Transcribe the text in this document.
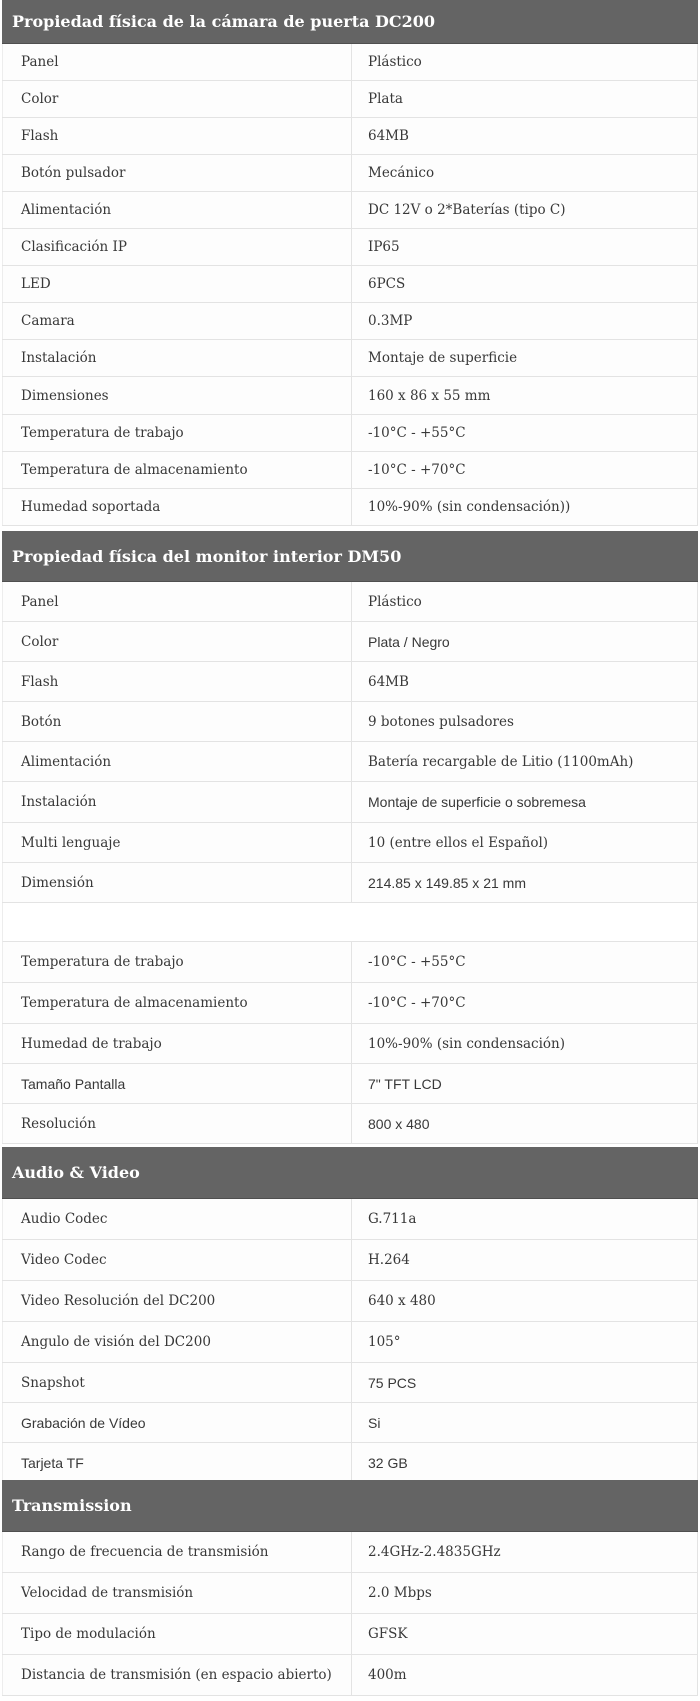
Propiedad física de la cámara de puerta DC200
Panel	Plástico
Color	Plata
Flash	64MB
Botón pulsador	Mecánico
Alimentación	DC 12V o 2*Baterías (tipo C)
Clasificación IP	IP65
LED	6PCS
Camara	0.3MP
Instalación	Montaje de superficie
Dimensiones	160 x 86 x 55 mm
Temperatura de trabajo	-10°C - +55°C
Temperatura de almacenamiento	-10°C - +70°C
Humedad soportada	10%-90% (sin condensación))
Propiedad física del monitor interior DM50
Panel	Plástico
Color	Plata / Negro
Flash	64MB
Botón	9 botones pulsadores
Alimentación	Batería recargable de Litio (1100mAh)
Instalación	Montaje de superficie o sobremesa
Multi lenguaje	10 (entre ellos el Español)
Dimensión	214.85 x 149.85 x 21 mm
Temperatura de trabajo	-10°C - +55°C
Temperatura de almacenamiento	-10°C - +70°C
Humedad de trabajo	10%-90% (sin condensación)
Tamaño Pantalla	7" TFT LCD
Resolución	800 x 480
Audio & Video
Audio Codec	G.711a
Video Codec	H.264
Video Resolución del DC200	640 x 480
Angulo de visión del DC200	105°
Snapshot	75 PCS
Grabación de Vídeo	Si
Tarjeta TF	32 GB
Transmission
Rango de frecuencia de transmisión	2.4GHz-2.4835GHz
Velocidad de transmisión	2.0 Mbps
Tipo de modulación	GFSK
Distancia de transmisión (en espacio abierto)	400m
